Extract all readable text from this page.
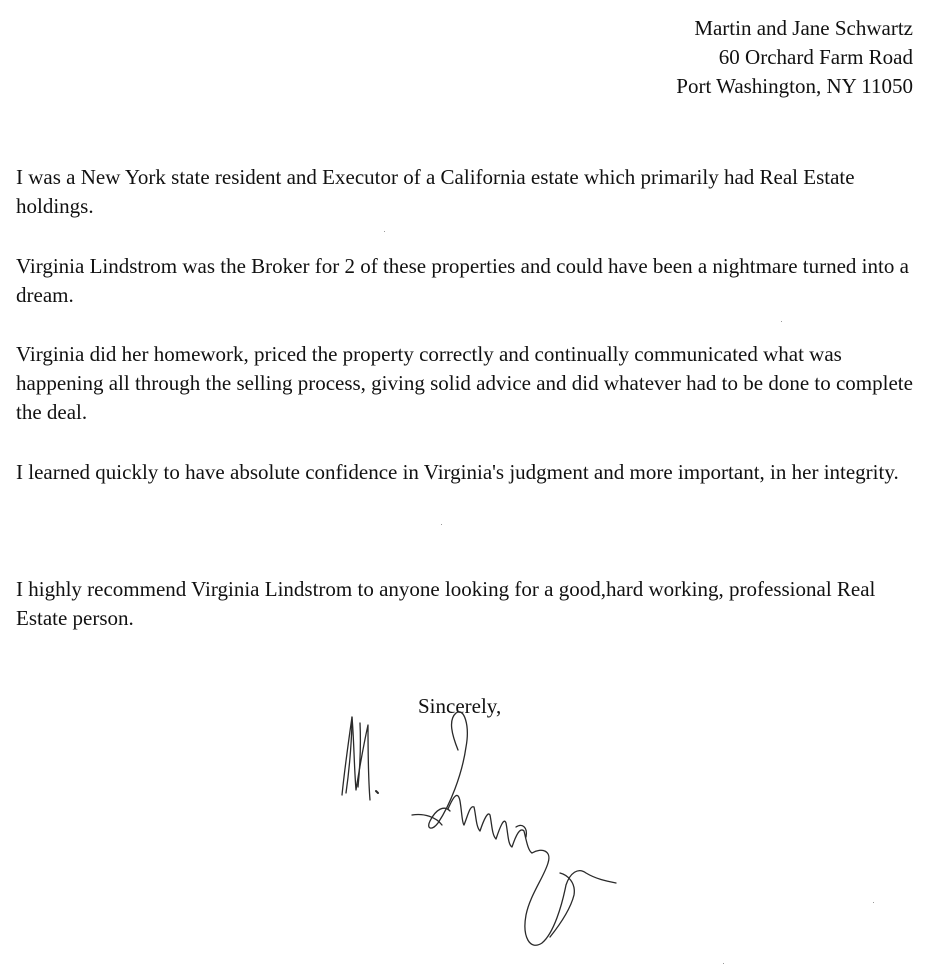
Martin and Jane Schwartz
60 Orchard Farm Road
Port Washington, NY 11050

I was a New York state resident and Executor of a California estate which primarily had Real Estate holdings.

Virginia Lindstrom was the Broker for 2 of these properties and could have been a nightmare turned into a dream.

Virginia did her homework, priced the property correctly and continually communicated what was happening all through the selling process, giving solid advice and did whatever had to be done to complete the deal.

I learned quickly to have absolute confidence in Virginia's judgment and more important, in her integrity.

I highly recommend Virginia Lindstrom to anyone looking for a good,hard working, professional Real Estate person.

Sincerely,
